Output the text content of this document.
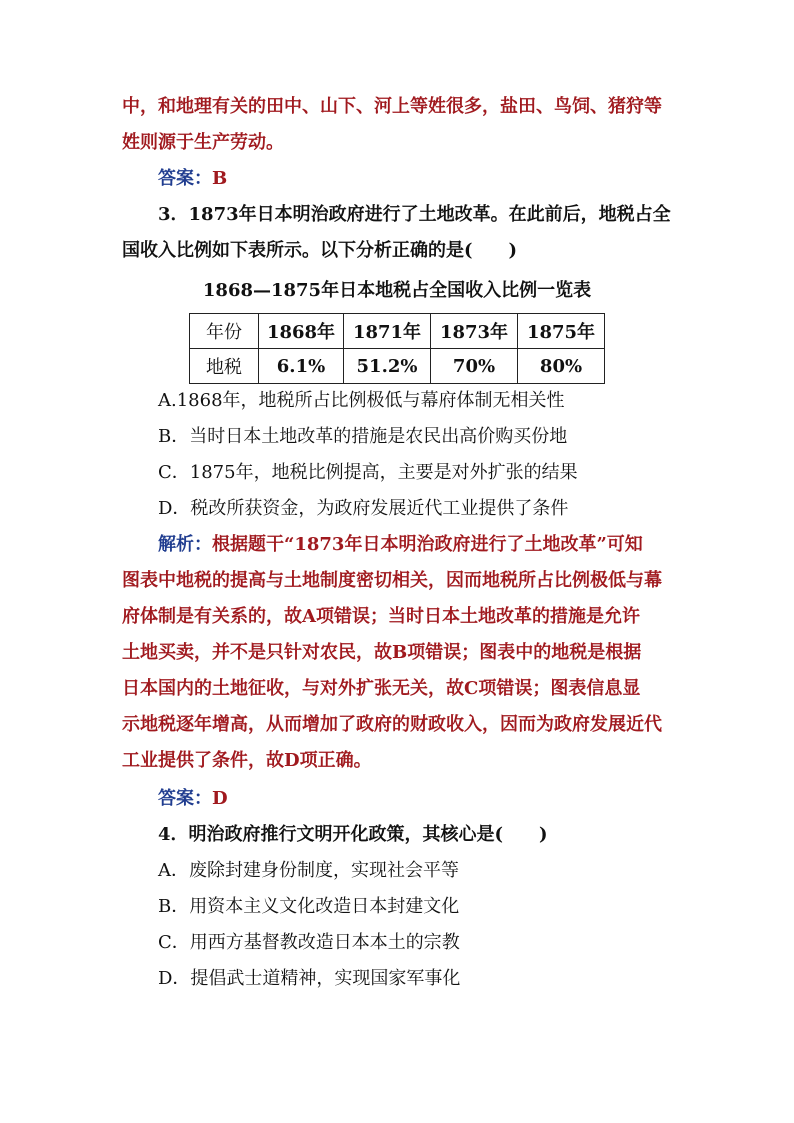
中，和地理有关的田中、山下、河上等姓很多，盐田、鸟饲、猪狩等
姓则源于生产劳动。
答案：B
3．1873年日本明治政府进行了土地改革。在此前后，地税占全
国收入比例如下表所示。以下分析正确的是(　　)
1868—1875年日本地税占全国收入比例一览表
年份	1868年	1871年	1873年	1875年
地税	6.1%	51.2%	70%	80%
A.1868年，地税所占比例极低与幕府体制无相关性
B．当时日本土地改革的措施是农民出高价购买份地
C．1875年，地税比例提高，主要是对外扩张的结果
D．税改所获资金，为政府发展近代工业提供了条件
解析：根据题干“1873年日本明治政府进行了土地改革”可知
图表中地税的提高与土地制度密切相关，因而地税所占比例极低与幕
府体制是有关系的，故A项错误；当时日本土地改革的措施是允许
土地买卖，并不是只针对农民，故B项错误；图表中的地税是根据
日本国内的土地征收，与对外扩张无关，故C项错误；图表信息显
示地税逐年增高，从而增加了政府的财政收入，因而为政府发展近代
工业提供了条件，故D项正确。
答案：D
4．明治政府推行文明开化政策，其核心是(　　)
A．废除封建身份制度，实现社会平等
B．用资本主义文化改造日本封建文化
C．用西方基督教改造日本本土的宗教
D．提倡武士道精神，实现国家军事化
